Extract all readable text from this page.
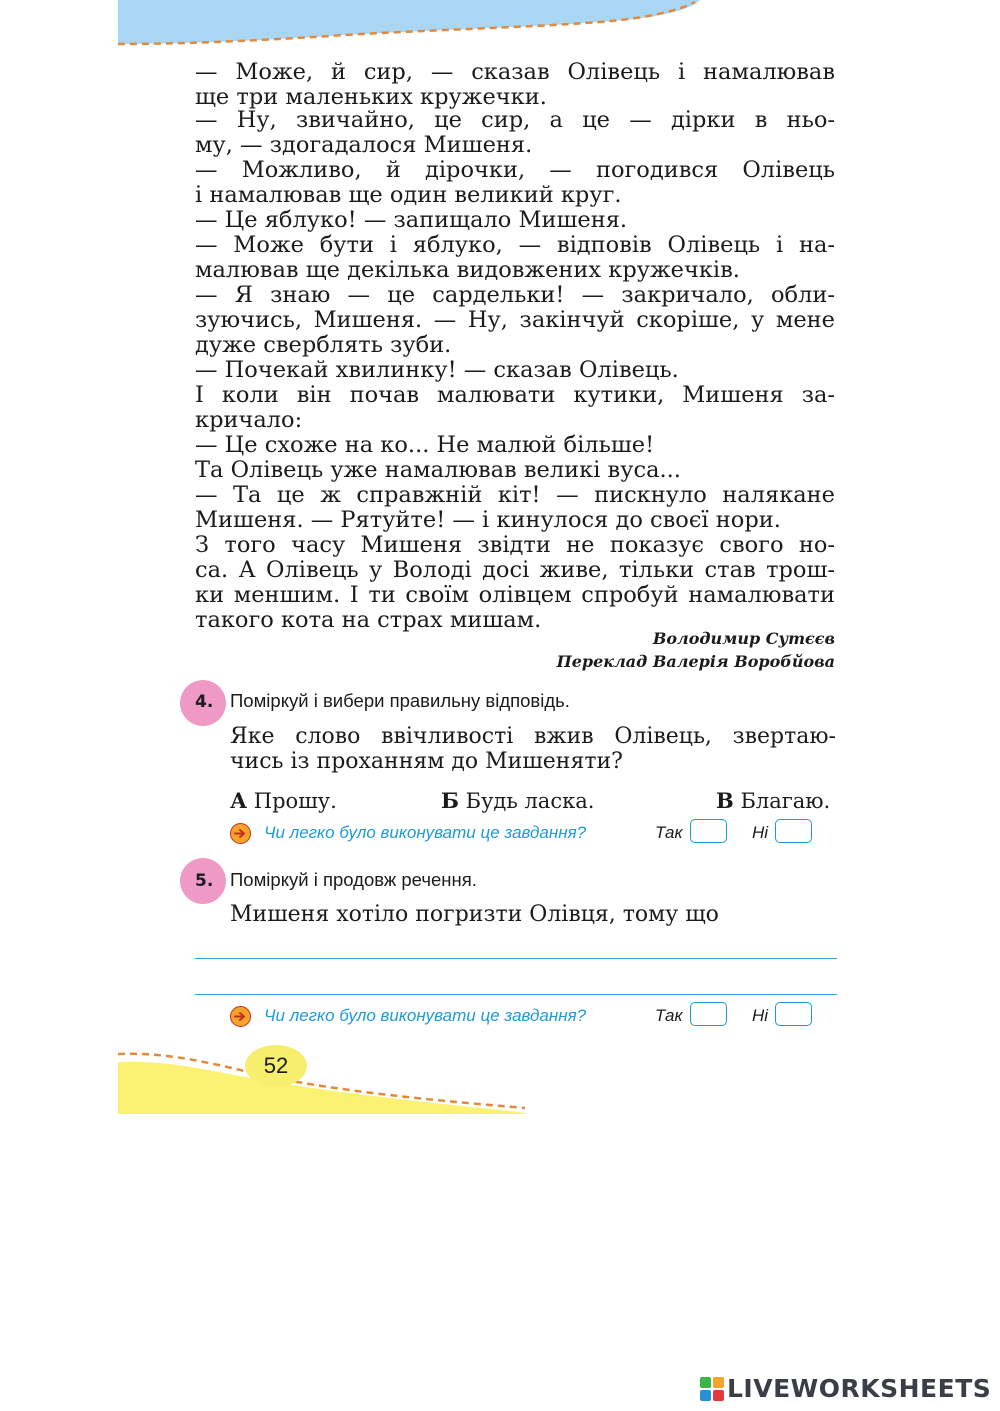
— Може, й сир, — сказав Олівець і намалював

ще три маленьких кружечки.

— Ну, звичайно, це сир, а це — дірки в ньо-

му, — здогадалося Мишеня.

— Можливо, й дірочки, — погодився Олівець

і намалював ще один великий круг.

— Це яблуко! — запищало Мишеня.

— Може бути і яблуко, — відповів Олівець і на-

малював ще декілька видовжених кружечків.

— Я знаю — це сардельки! — закричало, обли-

зуючись, Мишеня. — Ну, закінчуй скоріше, у мене

дуже сверблять зуби.

— Почекай хвилинку! — сказав Олівець.

І коли він почав малювати кутики, Мишеня за-

кричало:

— Це схоже на ко... Не малюй більше!

Та Олівець уже намалював великі вуса...

— Та це ж справжній кіт! — пискнуло налякане

Мишеня. — Рятуйте! — і кинулося до своєї нори.

З того часу Мишеня звідти не показує свого но-

са. А Олівець у Володі досі живе, тільки став трош-

ки меншим. І ти своїм олівцем спробуй намалювати

такого кота на страх мишам.

Володимир Сутєєв

Переклад Валерія Воробйова

4. Поміркуй і вибери правильну відповідь.

Яке слово ввічливості вжив Олівець, звертаю-

чись із проханням до Мишеняти?

А Прошу.	Б Будь ласка.	В Благаю.
Чи легко було виконувати це завдання?	Так	Ні
5. Поміркуй і продовж речення.

Мишеня хотіло погризти Олівця, тому що

Чи легко було виконувати це завдання?	Так	Ні
52
LIVEWORKSHEETS
